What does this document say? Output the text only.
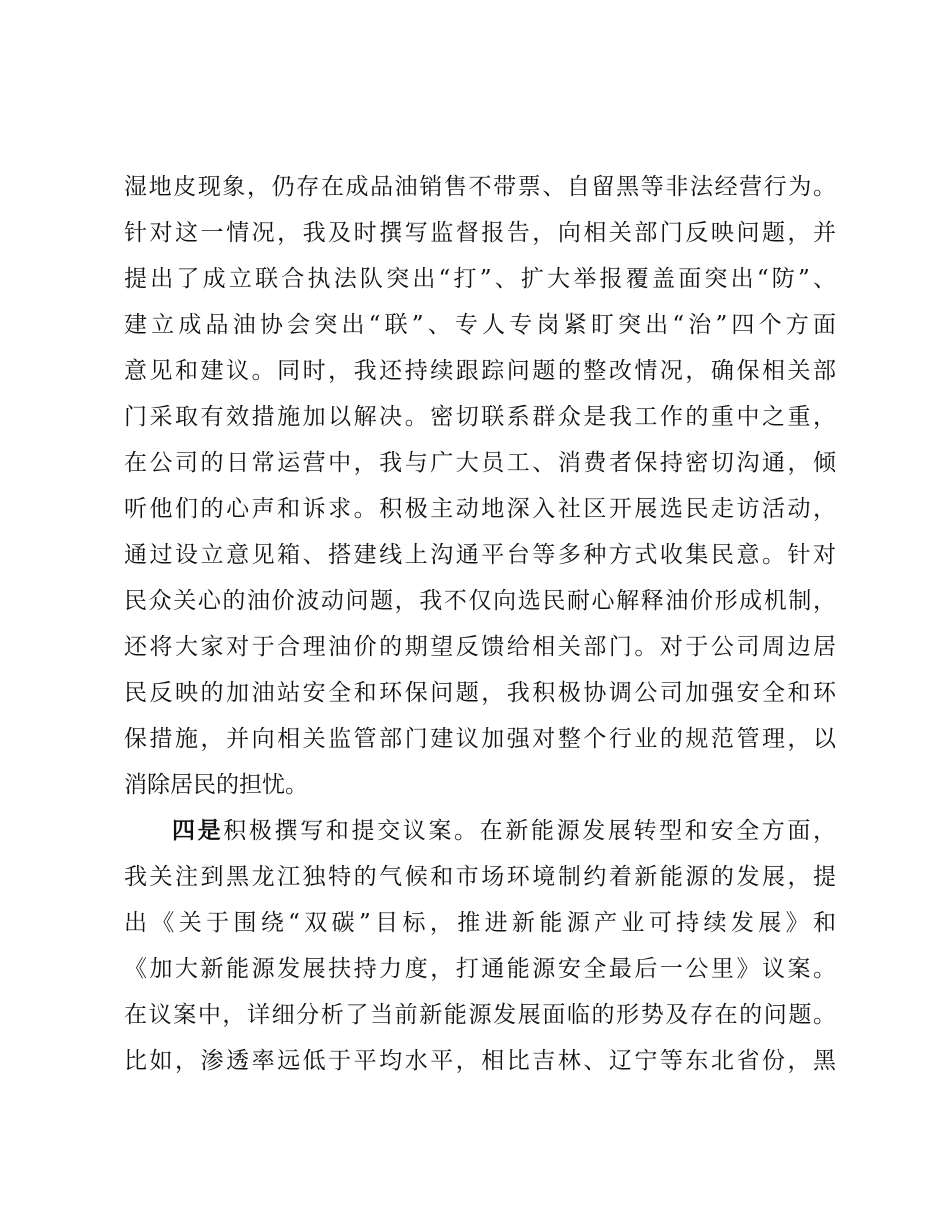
湿地皮现象，仍存在成品油销售不带票、自留黑等非法经营行为。
针对这一情况，我及时撰写监督报告，向相关部门反映问题，并
提出了成立联合执法队突出“打”、扩大举报覆盖面突出“防”、
建立成品油协会突出“联”、专人专岗紧盯突出“治”四个方面
意见和建议。同时，我还持续跟踪问题的整改情况，确保相关部
门采取有效措施加以解决。密切联系群众是我工作的重中之重，
在公司的日常运营中，我与广大员工、消费者保持密切沟通，倾
听他们的心声和诉求。积极主动地深入社区开展选民走访活动，
通过设立意见箱、搭建线上沟通平台等多种方式收集民意。针对
民众关心的油价波动问题，我不仅向选民耐心解释油价形成机制，
还将大家对于合理油价的期望反馈给相关部门。对于公司周边居
民反映的加油站安全和环保问题，我积极协调公司加强安全和环
保措施，并向相关监管部门建议加强对整个行业的规范管理，以
消除居民的担忧。
四是积极撰写和提交议案。在新能源发展转型和安全方面，
我关注到黑龙江独特的气候和市场环境制约着新能源的发展，提
出《关于围绕“双碳”目标，推进新能源产业可持续发展》和
《加大新能源发展扶持力度，打通能源安全最后一公里》议案。
在议案中，详细分析了当前新能源发展面临的形势及存在的问题。
比如，渗透率远低于平均水平，相比吉林、辽宁等东北省份，黑
